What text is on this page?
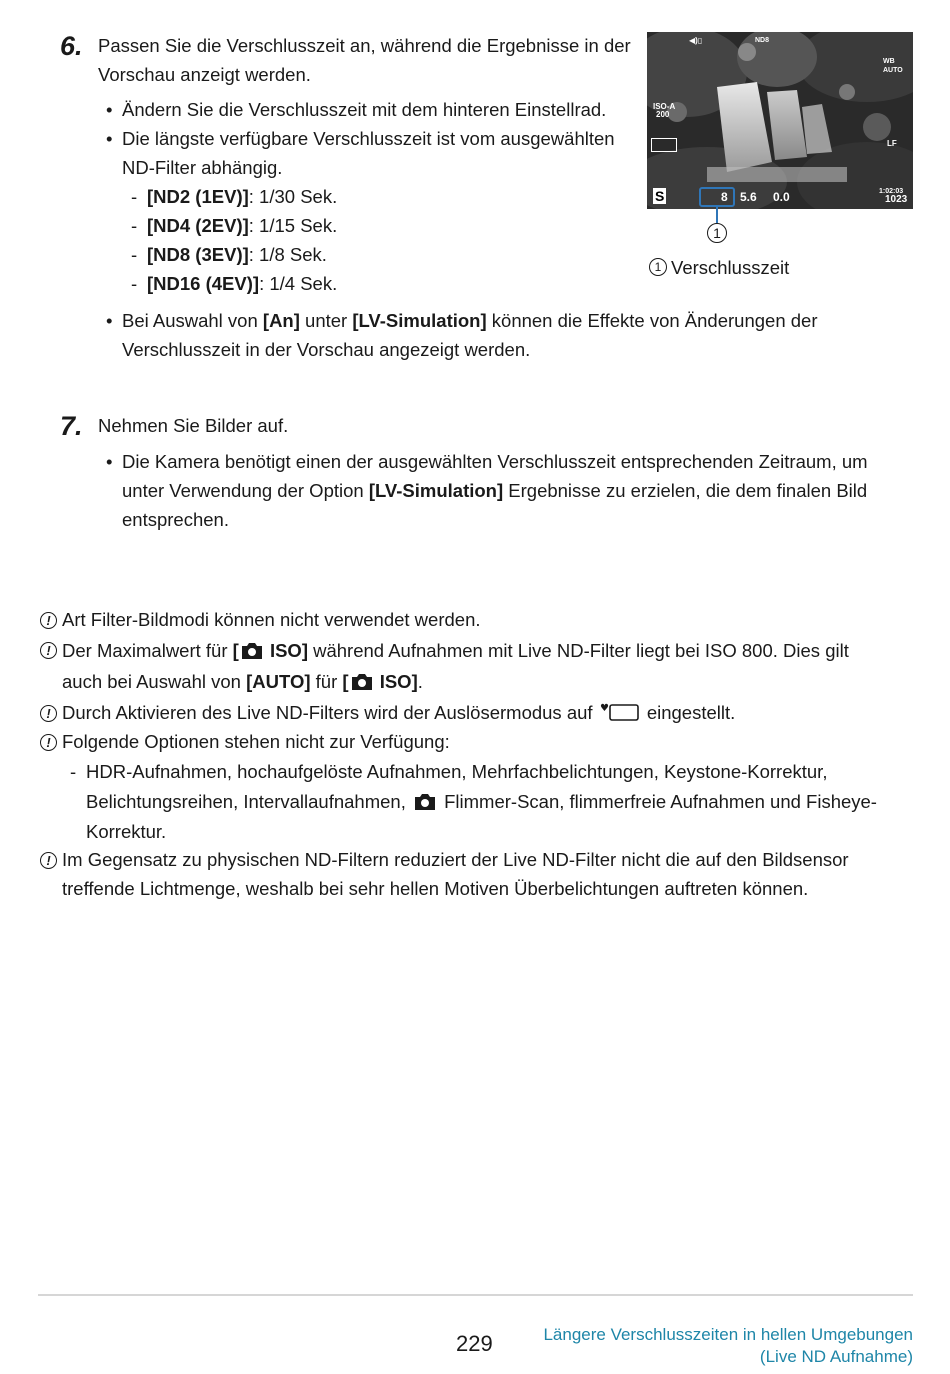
6. Passen Sie die Verschlusszeit an, während die Ergebnisse in der
Vorschau anzeigt werden.
• Ändern Sie die Verschlusszeit mit dem hinteren Einstellrad.
• Die längste verfügbare Verschlusszeit ist vom ausgewählten
ND-Filter abhängig.
- [ND2 (1EV)]: 1/30 Sek.
- [ND4 (2EV)]: 1/15 Sek.
- [ND8 (3EV)]: 1/8 Sek.
- [ND16 (4EV)]: 1/4 Sek.
◀)▯	ND8
WB AUTO
ISO-A
200
LF
S	8 5.6 0.0	1:02:03
1023
1
1 Verschlusszeit
• Bei Auswahl von [An] unter [LV-Simulation] können die Effekte von Änderungen der
Verschlusszeit in der Vorschau angezeigt werden.
7. Nehmen Sie Bilder auf.
• Die Kamera benötigt einen der ausgewählten Verschlusszeit entsprechenden Zeitraum, um
unter Verwendung der Option [LV-Simulation] Ergebnisse zu erzielen, die dem finalen Bild
entsprechen.
! Art Filter-Bildmodi können nicht verwendet werden.
! Der Maximalwert für [ ISO] während Aufnahmen mit Live ND-Filter liegt bei ISO 800. Dies gilt
auch bei Auswahl von [AUTO] für [ ISO].
! Durch Aktivieren des Live ND-Filters wird der Auslösermodus auf ♥ eingestellt.
! Folgende Optionen stehen nicht zur Verfügung:
- HDR-Aufnahmen, hochaufgelöste Aufnahmen, Mehrfachbelichtungen, Keystone-Korrektur,
Belichtungsreihen, Intervallaufnahmen,  Flimmer-Scan, flimmerfreie Aufnahmen und Fisheye-
Korrektur.
! Im Gegensatz zu physischen ND-Filtern reduziert der Live ND-Filter nicht die auf den Bildsensor
treffende Lichtmenge, weshalb bei sehr hellen Motiven Überbelichtungen auftreten können.
229	Längere Verschlusszeiten in hellen Umgebungen
(Live ND Aufnahme)
